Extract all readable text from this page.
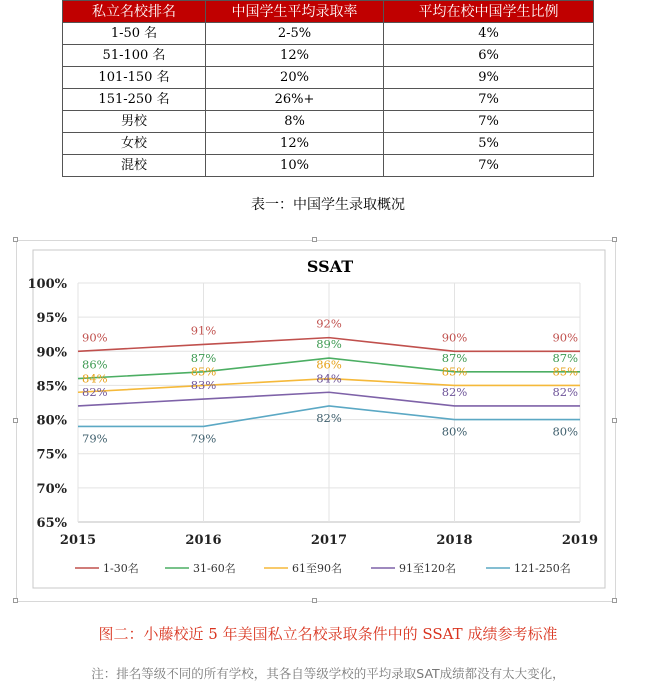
私立名校排名	中国学生平均录取率	平均在校中国学生比例
1-50 名	2-5%	4%
51-100 名	12%	6%
101-150 名	20%	9%
151-250 名	26%+	7%
男校	8%	7%
女校	12%	5%
混校	10%	7%
表一：中国学生录取概况
SSAT
65%
70%
75%
80%
85%
90%
95%
100%
2015	2016	2017	2018	2019
90%	91%	92%
90%	90%
86%	87%
89%
87%	87%
84%	85%	86%	85%	85%
82%	83%	84%
82%	82%
79%	79%
82%
80%	80%
1-30名	31-60名	61至90名	91至120名	121-250名
图二：小藤校近 5 年美国私立名校录取条件中的 SSAT 成绩参考标准
注：排名等级不同的所有学校，其各自等级学校的平均录取SAT成绩都没有太大变化，
